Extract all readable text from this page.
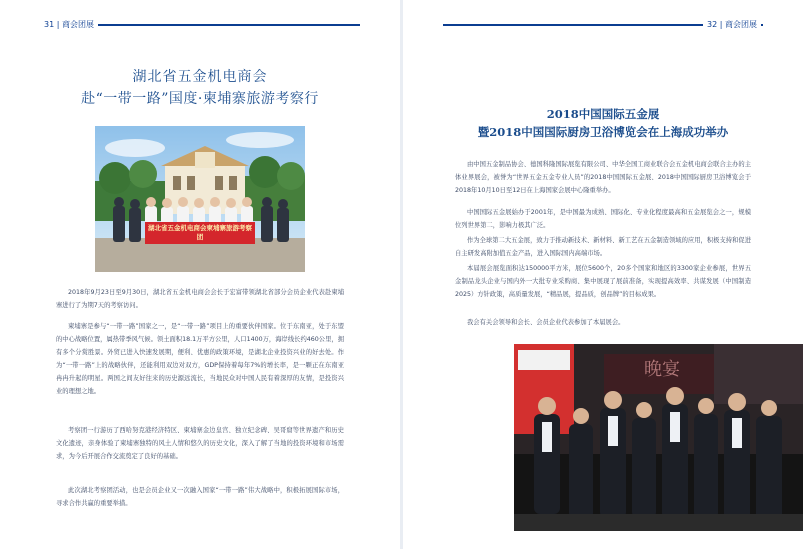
31 | 商会团展
湖北省五金机电商会
赴“一带一路”国度·柬埔寨旅游考察行
湖北省五金机电商会柬埔寨旅游考察团

2018年9月23日至9月30日，湖北省五金机电商会会长于宏富带领湖北省部分会员企业代表赴柬埔寨进行了为期7天的考察访问。

柬埔寨是参与“一带一路”国家之一，是“一带一路”项目上的重要伙伴国家。位于东南亚，处于东盟的中心战略位置，属热带季风气候。领土面积18.1万平方公里，人口1400万，海岸线长约460公里，拥有多个分赏胜景。外贸已进入快速发展期，便利、优惠的政策环境，是湖北企业投资兴业的好去处。作为“一带一路”上的战略伙伴，还能利用双边对双方，GDP保持着每年7%的增长率，是一颗正在东南亚冉冉升起的明星。两国之间友好往来的历史源远流长，当地民众对中国人民有着深厚的友情，是投资兴业的理想之地。

考察团一行游历了西哈努克港经济特区、柬埔寨金边皇宫、独立纪念碑、吴哥窟等世界遗产和历史文化遗迹，亲身体验了柬埔寨独特的风土人情和悠久的历史文化，深入了解了当地的投资环境和市场需求，为今后开展合作交流奠定了良好的基础。

此次湖北考察团活动，也是会员企业又一次融入国家“一带一路”伟大战略中，积极拓展国际市场，寻求合作共赢的重要举措。

32 | 商会团展
2018中国国际五金展
暨2018中国国际厨房卫浴博览会在上海成功举办

由中国五金制品协会、德国科隆国际展览有限公司、中华全国工商业联合会五金机电商会联合主办的主体业界展会，被誉为“世界五金五金专业人员”的2018中国国际五金展、2018中国国际厨房卫浴博览会于2018年10月10日至12日在上海国家会展中心隆重举办。

中国国际五金展始办于2001年，是中国最为成熟、国际化、专业化程度最高和五金展览会之一，规模位列世界第二，影响力极其广泛。

作为全球第二大五金展，致力于推动新技术、新材料、新工艺在五金制造领域的应用，积极支持和促进自主研发高附加值五金产品，进入国际国内高端市场。

本届展会展览面积达150000平方米，展位5600个，20多个国家和地区的3300家企业参展，世界五金制品龙头企业与国内外一大批专业采购商、集中展现了展前准备，实现提高效率、共谋发展（中国制造2025）方针政策，高质量发展，“精品展，提品质，创品牌”的目标成果。

我会有关会领导和会长、会员企业代表参加了本届展会。

晚宴
